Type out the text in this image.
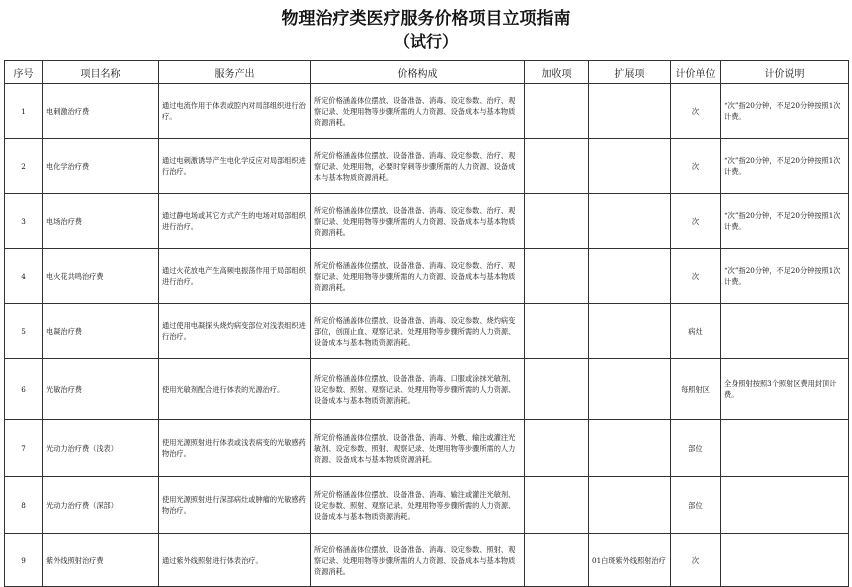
物理治疗类医疗服务价格项目立项指南
（试行）
序号	项目名称	服务产出	价格构成	加收项	扩展项	计价单位	计价说明
1	电刺激治疗费	通过电流作用于体表或腔内对局部组织进行治疗。	所定价格涵盖体位摆放、设备准备、消毒、设定参数、治疗、观察记录、处理用物等步骤所需的人力资源、设备成本与基本物质资源消耗。			次	“次”指20分钟，不足20分钟按照1次计费。
2	电化学治疗费	通过电刺激诱导产生电化学反应对局部组织进行治疗。	所定价格涵盖体位摆放、设备准备、消毒、设定参数、治疗、观察记录、处理用物，必要时穿刺等步骤所需的人力资源、设备成本与基本物质资源消耗。			次	“次”指20分钟，不足20分钟按照1次计费。
3	电场治疗费	通过静电场或其它方式产生的电场对局部组织进行治疗。	所定价格涵盖体位摆放、设备准备、消毒、设定参数、治疗、观察记录、处理用物等步骤所需的人力资源、设备成本与基本物质资源消耗。			次	“次”指20分钟，不足20分钟按照1次计费。
4	电火花共鸣治疗费	通过火花放电产生高频电振荡作用于局部组织进行治疗。	所定价格涵盖体位摆放、设备准备、消毒、设定参数、治疗、观察记录、处理用物等步骤所需的人力资源、设备成本与基本物质资源消耗。			次	“次”指20分钟，不足20分钟按照1次计费。
5	电凝治疗费	通过使用电凝探头烧灼病变部位对浅表组织进行治疗。	所定价格涵盖体位摆放、设备准备、消毒、设定参数、烧灼病变部位，创面止血、观察记录、处理用物等步骤所需的人力资源、设备成本与基本物质资源消耗。			病灶	
6	光敏治疗费	使用光敏剂配合进行体表的光源治疗。	所定价格涵盖体位摆放、设备准备、消毒、口服或涂抹光敏剂、设定参数、照射、观察记录、处理用物等步骤所需的人力资源、设备成本与基本物质资源消耗。			每照射区	全身照射按照3个照射区费用封顶计费。
7	光动力治疗费（浅表）	使用光源照射进行体表或浅表病变的光敏感药物治疗。	所定价格涵盖体位摆放、设备准备、消毒、外敷、输注或灌注光敏剂、设定参数、照射、观察记录、处理用物等步骤所需的人力资源、设备成本与基本物质资源消耗。			部位	
8	光动力治疗费（深部）	使用光源照射进行深部病灶或肿瘤的光敏感药物治疗。	所定价格涵盖体位摆放、设备准备、消毒、输注或灌注光敏剂、设定参数、照射、观察记录、处理用物等步骤所需的人力资源、设备成本与基本物质资源消耗。			部位	
9	紫外线照射治疗费	通过紫外线照射进行体表治疗。	所定价格涵盖体位摆放、设备准备、消毒、设定参数、照射、观察记录、处理用物等步骤所需的人力资源、设备成本与基本物质资源消耗。		01白斑紫外线照射治疗	次	
